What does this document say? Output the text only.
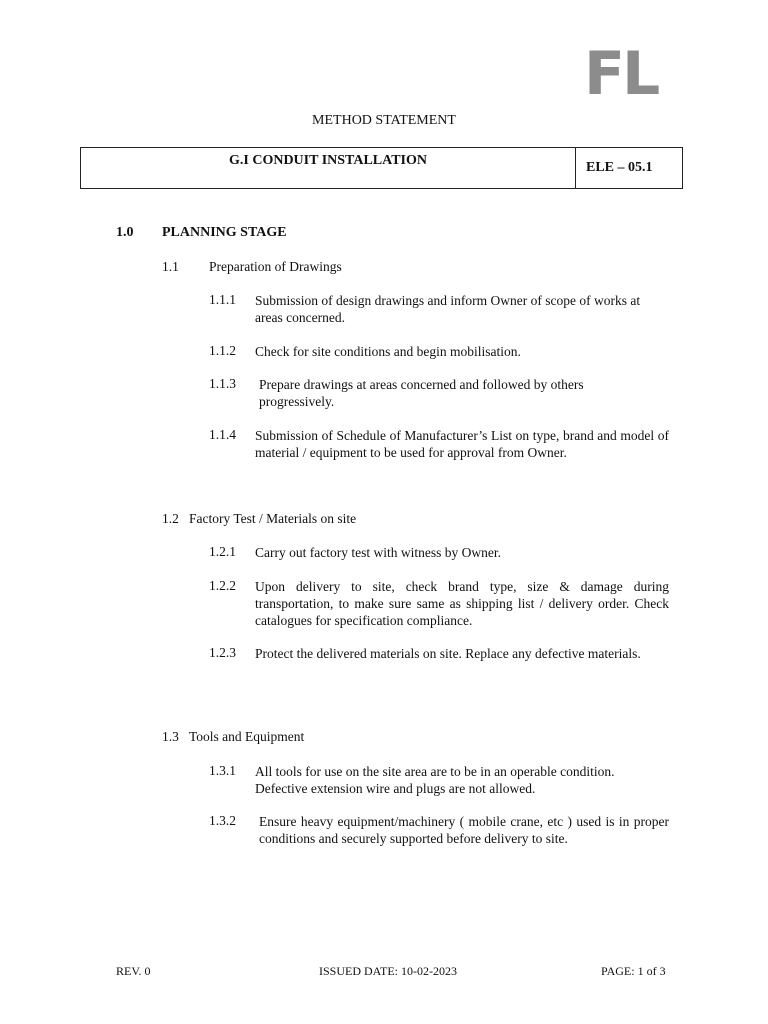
FL
METHOD STATEMENT
G.I CONDUIT INSTALLATION	ELE – 05.1
1.0 PLANNING STAGE
1.1 Preparation of Drawings
1.1.1 Submission of design drawings and inform Owner of scope of works at areas concerned.
1.1.2 Check for site conditions and begin mobilisation.
1.1.3 Prepare drawings at areas concerned and followed by others progressively.
1.1.4 Submission of Schedule of Manufacturer’s List on type, brand and model of material / equipment to be used for approval from Owner.
1.2 Factory Test / Materials on site
1.2.1 Carry out factory test with witness by Owner.
1.2.2 Upon delivery to site, check brand type, size & damage during transportation, to make sure same as shipping list / delivery order. Check catalogues for specification compliance.
1.2.3 Protect the delivered materials on site. Replace any defective materials.
1.3 Tools and Equipment
1.3.1 All tools for use on the site area are to be in an operable condition. Defective extension wire and plugs are not allowed.
1.3.2 Ensure heavy equipment/machinery ( mobile crane, etc ) used is in proper conditions and securely supported before delivery to site.
REV. 0	ISSUED DATE: 10-02-2023	PAGE: 1 of 3
